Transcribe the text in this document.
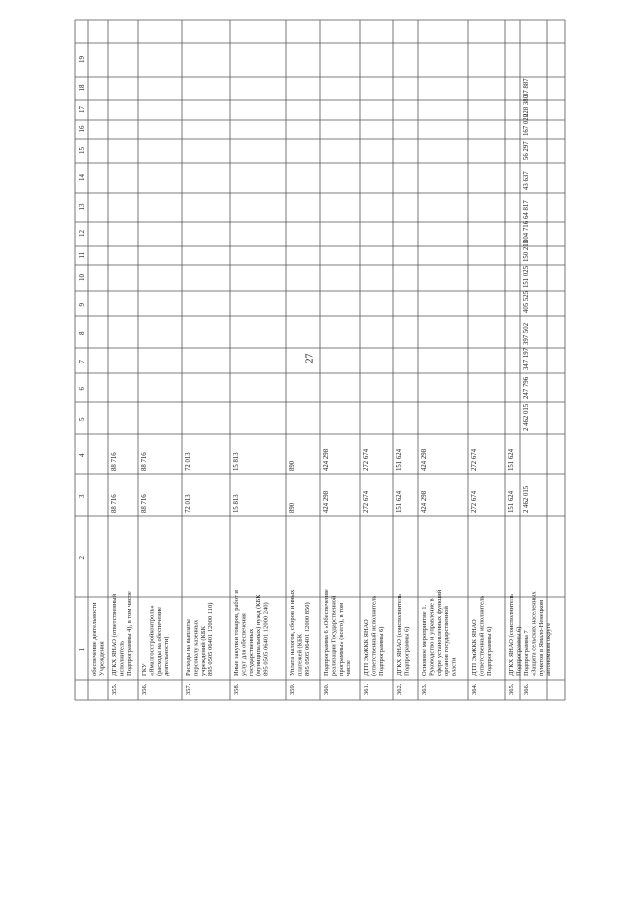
27
1
2
3
4
5
6
7
8
9
10
11
12
13
14
15
16
17
18
19
обеспечение деятельности Учреждения
355.
ДГКХ ЯНАО (ответственный исполнитель Подпрограммы 4), в том числе
88 716
88 716
356.
ГКУ «Ямалгосстройконтроль» (расходы на обеспечение деятельности)
88 716
88 716
357.
Расходы на выплаты персоналу казенных учреждений (КБК 895 0505 06401 12000 110)
72 013
72 013
358.
Иные закупки товаров, работ и услуг для обеспечения государственных (муниципальных) нужд (КБК 895 0505 06401 12000 240)
15 813
15 813
359.
Уплата налогов, сборов и иных платежей (КБК 895 0505 06401 12000 850)
890
890
360.
Подпрограмма 6 «Обеспечение реализации Государственной программы» (всего), в том числе
424 298
424 298
361.
ДТП ЭиЖКК ЯНАО (ответственный исполнитель Подпрограммы 6)
272 674
272 674
362.
ДГКХ ЯНАО (соисполнитель Подпрограммы 6)
151 624
151 624
363.
Основное мероприятие 1. Руководство и управление в сфере установленных функций органов государственной власти
424 298
424 298
364.
ДТП ЭиЖКК ЯНАО (ответственный исполнитель Подпрограммы 6)
272 674
272 674
365.
ДГКХ ЯНАО (соисполнитель Подпрограммы 6)
151 624
151 624
366.
Подпрограмма 7 «Защита сельских населенных пунктов в Ямало-Ненецком автономном округе
2 462 015
2 462 015
247 796
347 197
397 502
405 525
151 025
150 218
104 716
64 817
43 637
56 297
167 020
228 380
37 887
